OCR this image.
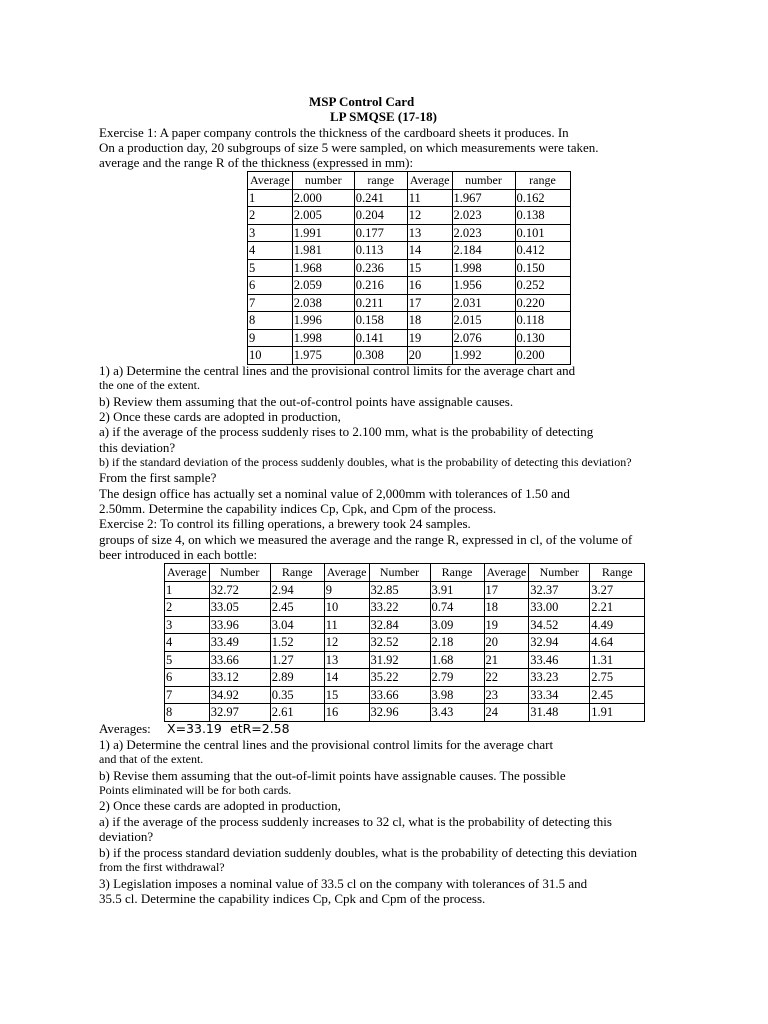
MSP Control Card
LP SMQSE (17-18)
Exercise 1: A paper company controls the thickness of the cardboard sheets it produces. In
On a production day, 20 subgroups of size 5 were sampled, on which measurements were taken.
average and the range R of the thickness (expressed in mm):
Average	number	range	Average	number	range
1	2.000	0.241	11	1.967	0.162
2	2.005	0.204	12	2.023	0.138
3	1.991	0.177	13	2.023	0.101
4	1.981	0.113	14	2.184	0.412
5	1.968	0.236	15	1.998	0.150
6	2.059	0.216	16	1.956	0.252
7	2.038	0.211	17	2.031	0.220
8	1.996	0.158	18	2.015	0.118
9	1.998	0.141	19	2.076	0.130
10	1.975	0.308	20	1.992	0.200
1) a) Determine the central lines and the provisional control limits for the average chart and
the one of the extent.
b) Review them assuming that the out-of-control points have assignable causes.
2) Once these cards are adopted in production,
a) if the average of the process suddenly rises to 2.100 mm, what is the probability of detecting
this deviation?
b) if the standard deviation of the process suddenly doubles, what is the probability of detecting this deviation?
From the first sample?
The design office has actually set a nominal value of 2,000mm with tolerances of 1.50 and
2.50mm. Determine the capability indices Cp, Cpk, and Cpm of the process.
Exercise 2: To control its filling operations, a brewery took 24 samples.
groups of size 4, on which we measured the average and the range R, expressed in cl, of the volume of
beer introduced in each bottle:
Average	Number	Range	Average	Number	Range	Average	Number	Range
1	32.72	2.94	9	32.85	3.91	17	32.37	3.27
2	33.05	2.45	10	33.22	0.74	18	33.00	2.21
3	33.96	3.04	11	32.84	3.09	19	34.52	4.49
4	33.49	1.52	12	32.52	2.18	20	32.94	4.64
5	33.66	1.27	13	31.92	1.68	21	33.46	1.31
6	33.12	2.89	14	35.22	2.79	22	33.23	2.75
7	34.92	0.35	15	33.66	3.98	23	33.34	2.45
8	32.97	2.61	16	32.96	3.43	24	31.48	1.91
Averages: X̄=33.19 etR̄=2.58
1) a) Determine the central lines and the provisional control limits for the average chart
and that of the extent.
b) Revise them assuming that the out-of-limit points have assignable causes. The possible
Points eliminated will be for both cards.
2) Once these cards are adopted in production,
a) if the average of the process suddenly increases to 32 cl, what is the probability of detecting this
deviation?
b) if the process standard deviation suddenly doubles, what is the probability of detecting this deviation
from the first withdrawal?
3) Legislation imposes a nominal value of 33.5 cl on the company with tolerances of 31.5 and
35.5 cl. Determine the capability indices Cp, Cpk and Cpm of the process.
